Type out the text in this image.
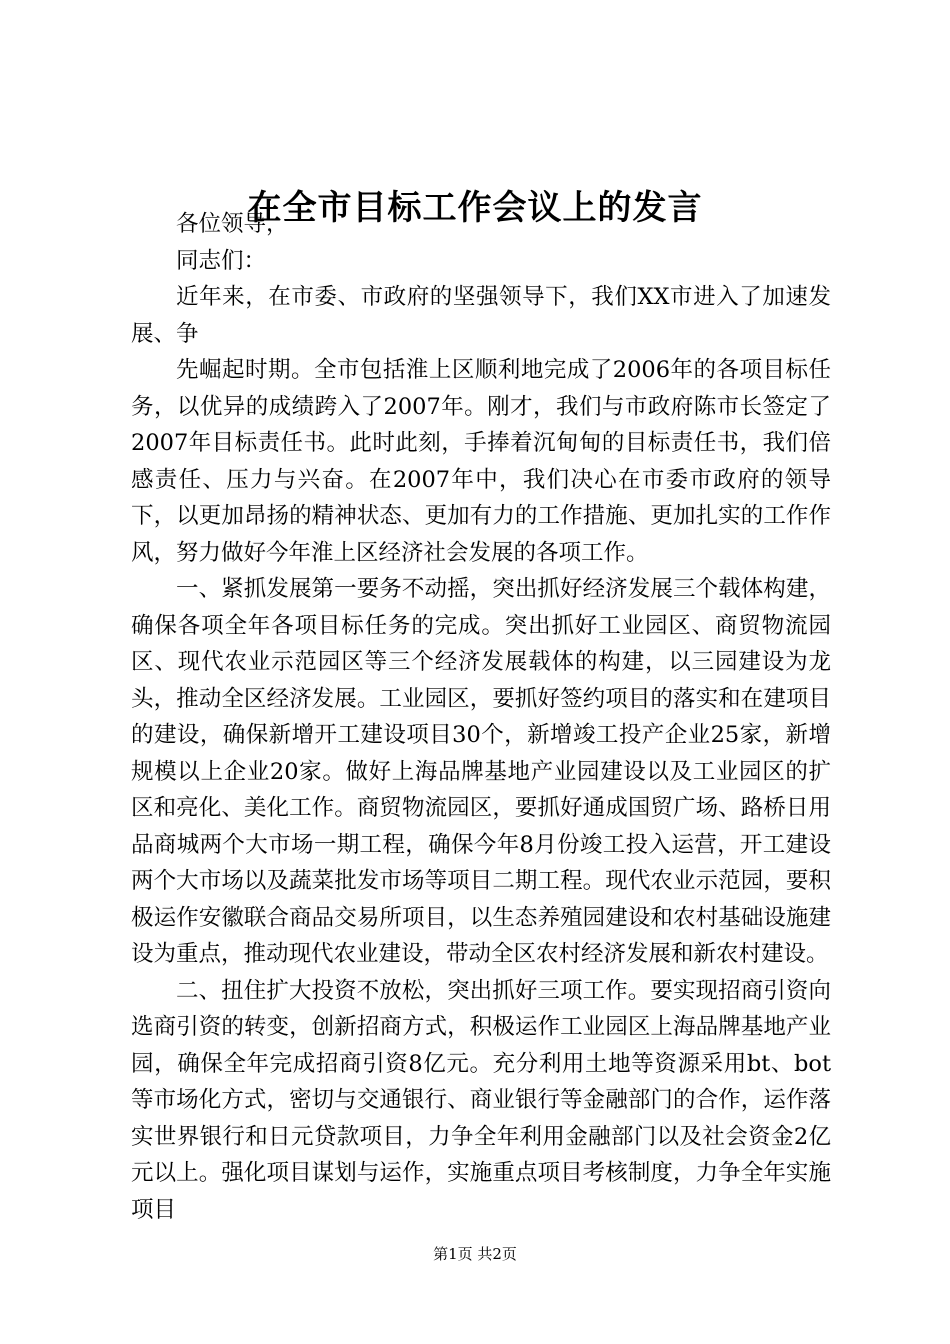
在全市目标工作会议上的发言

各位领导，

同志们：

近年来，在市委、市政府的坚强领导下，我们XX市进入了加速发展、争

先崛起时期。全市包括淮上区顺利地完成了2006年的各项目标任务，以优异的成绩跨入了2007年。刚才，我们与市政府陈市长签定了2007年目标责任书。此时此刻，手捧着沉甸甸的目标责任书，我们倍感责任、压力与兴奋。在2007年中，我们决心在市委市政府的领导下，以更加昂扬的精神状态、更加有力的工作措施、更加扎实的工作作风，努力做好今年淮上区经济社会发展的各项工作。

一、紧抓发展第一要务不动摇，突出抓好经济发展三个载体构建，确保各项全年各项目标任务的完成。突出抓好工业园区、商贸物流园区、现代农业示范园区等三个经济发展载体的构建，以三园建设为龙头，推动全区经济发展。工业园区，要抓好签约项目的落实和在建项目的建设，确保新增开工建设项目30个，新增竣工投产企业25家，新增规模以上企业20家。做好上海品牌基地产业园建设以及工业园区的扩区和亮化、美化工作。商贸物流园区，要抓好通成国贸广场、路桥日用品商城两个大市场一期工程，确保今年8月份竣工投入运营，开工建设两个大市场以及蔬菜批发市场等项目二期工程。现代农业示范园，要积极运作安徽联合商品交易所项目，以生态养殖园建设和农村基础设施建设为重点，推动现代农业建设，带动全区农村经济发展和新农村建设。

二、扭住扩大投资不放松，突出抓好三项工作。要实现招商引资向选商引资的转变，创新招商方式，积极运作工业园区上海品牌基地产业园，确保全年完成招商引资8亿元。充分利用土地等资源采用bt、bot等市场化方式，密切与交通银行、商业银行等金融部门的合作，运作落实世界银行和日元贷款项目，力争全年利用金融部门以及社会资金2亿元以上。强化项目谋划与运作，实施重点项目考核制度，力争全年实施项目

第1页 共2页
